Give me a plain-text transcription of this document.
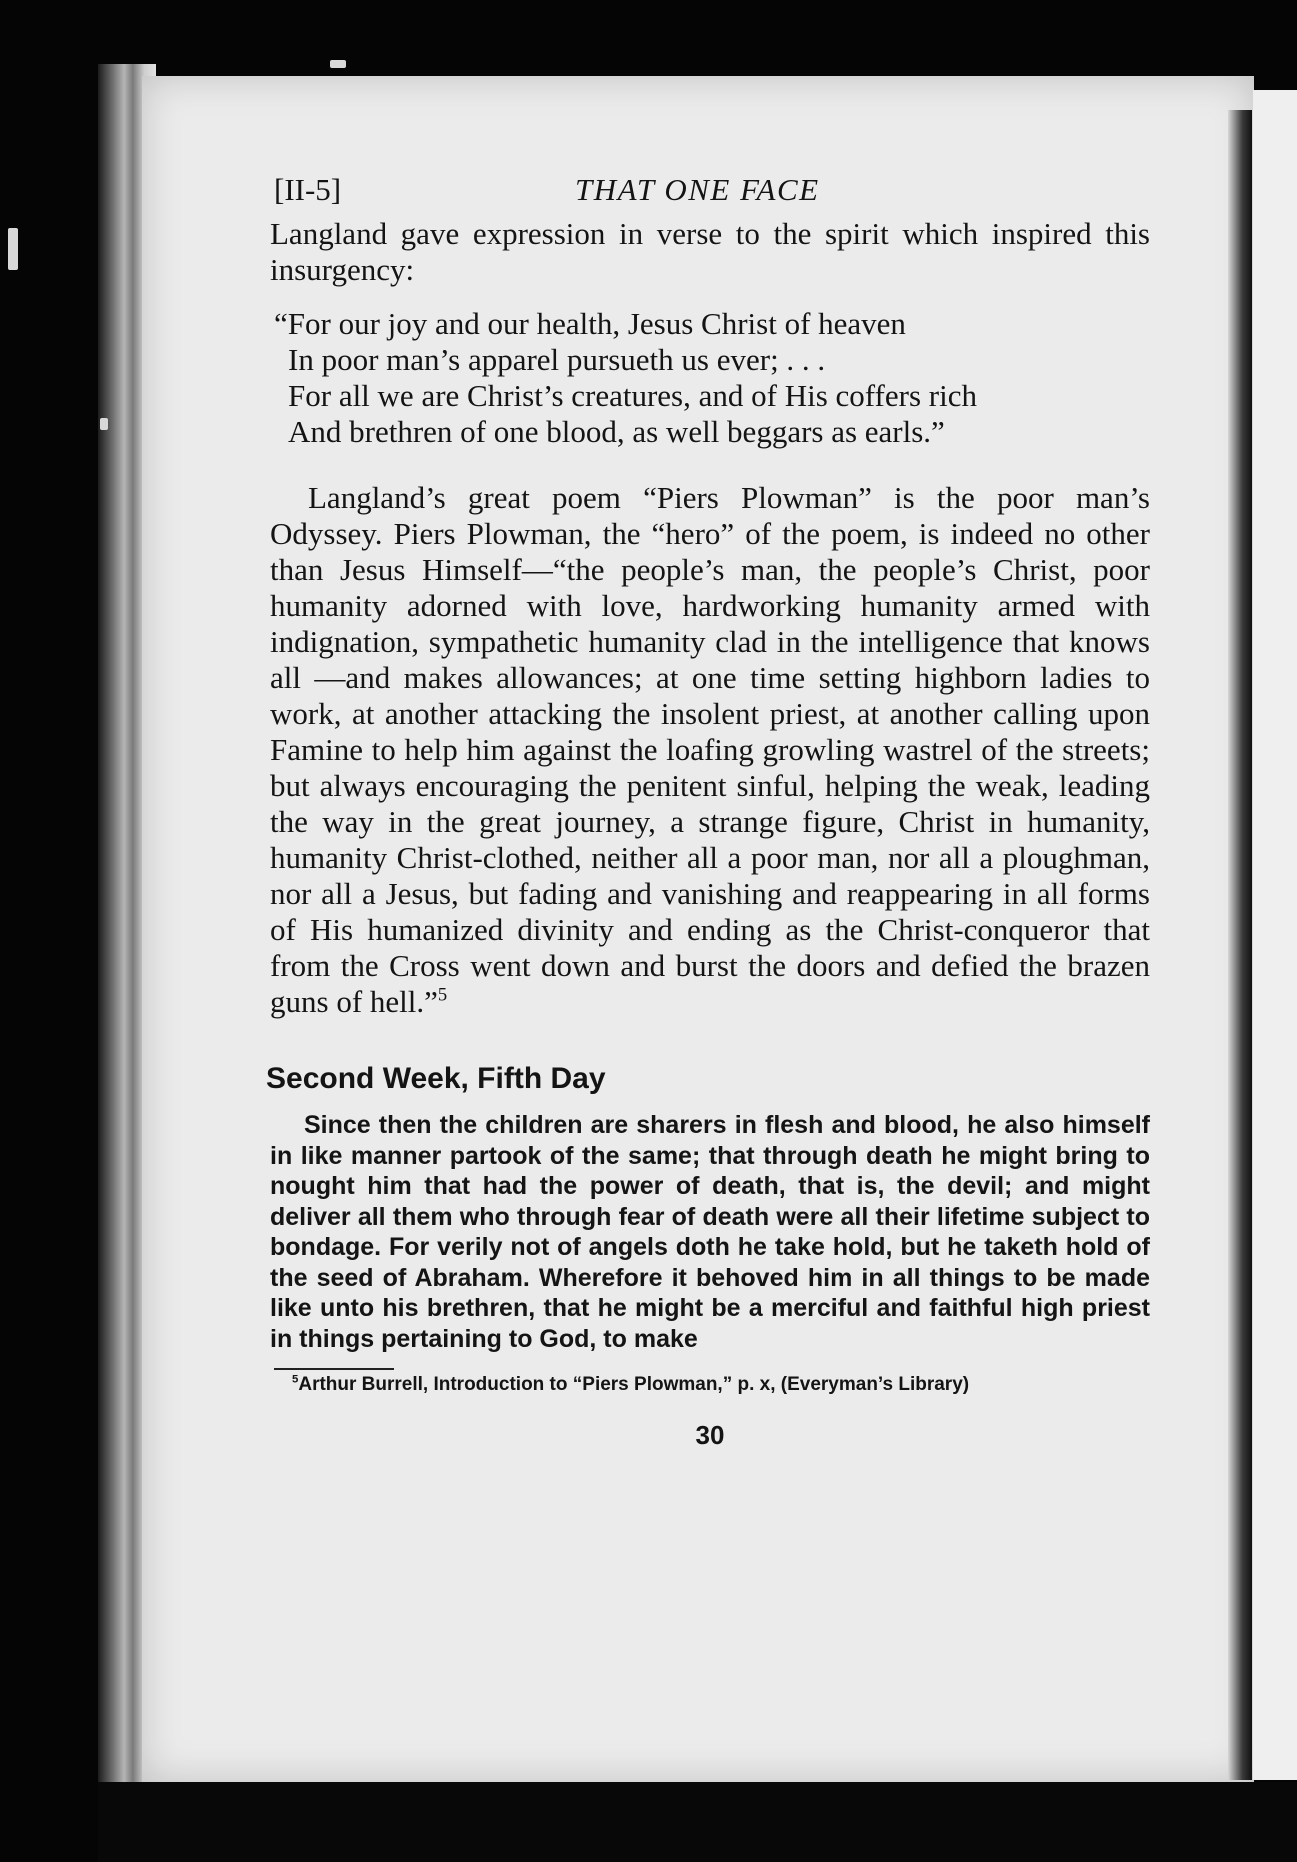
[II-5]	THAT ONE FACE

Langland gave expression in verse to the spirit which inspired this insurgency:

“For our joy and our health, Jesus Christ of heaven
In poor man’s apparel pursueth us ever; . . .
For all we are Christ’s creatures, and of His coffers rich
And brethren of one blood, as well beggars as earls.”

Langland’s great poem “Piers Plowman” is the poor man’s Odyssey. Piers Plowman, the “hero” of the poem, is indeed no other than Jesus Himself—“the people’s man, the people’s Christ, poor humanity adorned with love, hardworking humanity armed with indignation, sympathetic humanity clad in the intelligence that knows all —and makes allowances; at one time setting highborn ladies to work, at another attacking the insolent priest, at another calling upon Famine to help him against the loafing growling wastrel of the streets; but always encouraging the penitent sinful, helping the weak, leading the way in the great journey, a strange figure, Christ in humanity, humanity Christ-clothed, neither all a poor man, nor all a ploughman, nor all a Jesus, but fading and vanishing and reappearing in all forms of His humanized divinity and ending as the Christ-conqueror that from the Cross went down and burst the doors and defied the brazen guns of hell.”$^5$

Second Week, Fifth Day

Since then the children are sharers in flesh and blood, he also himself in like manner partook of the same; that through death he might bring to nought him that had the power of death, that is, the devil; and might deliver all them who through fear of death were all their lifetime subject to bondage. For verily not of angels doth he take hold, but he taketh hold of the seed of Abraham. Wherefore it behoved him in all things to be made like unto his brethren, that he might be a merciful and faithful high priest in things pertaining to God, to make

$^5$Arthur Burrell, Introduction to “Piers Plowman,” p. x, (Everyman’s Library)
30
